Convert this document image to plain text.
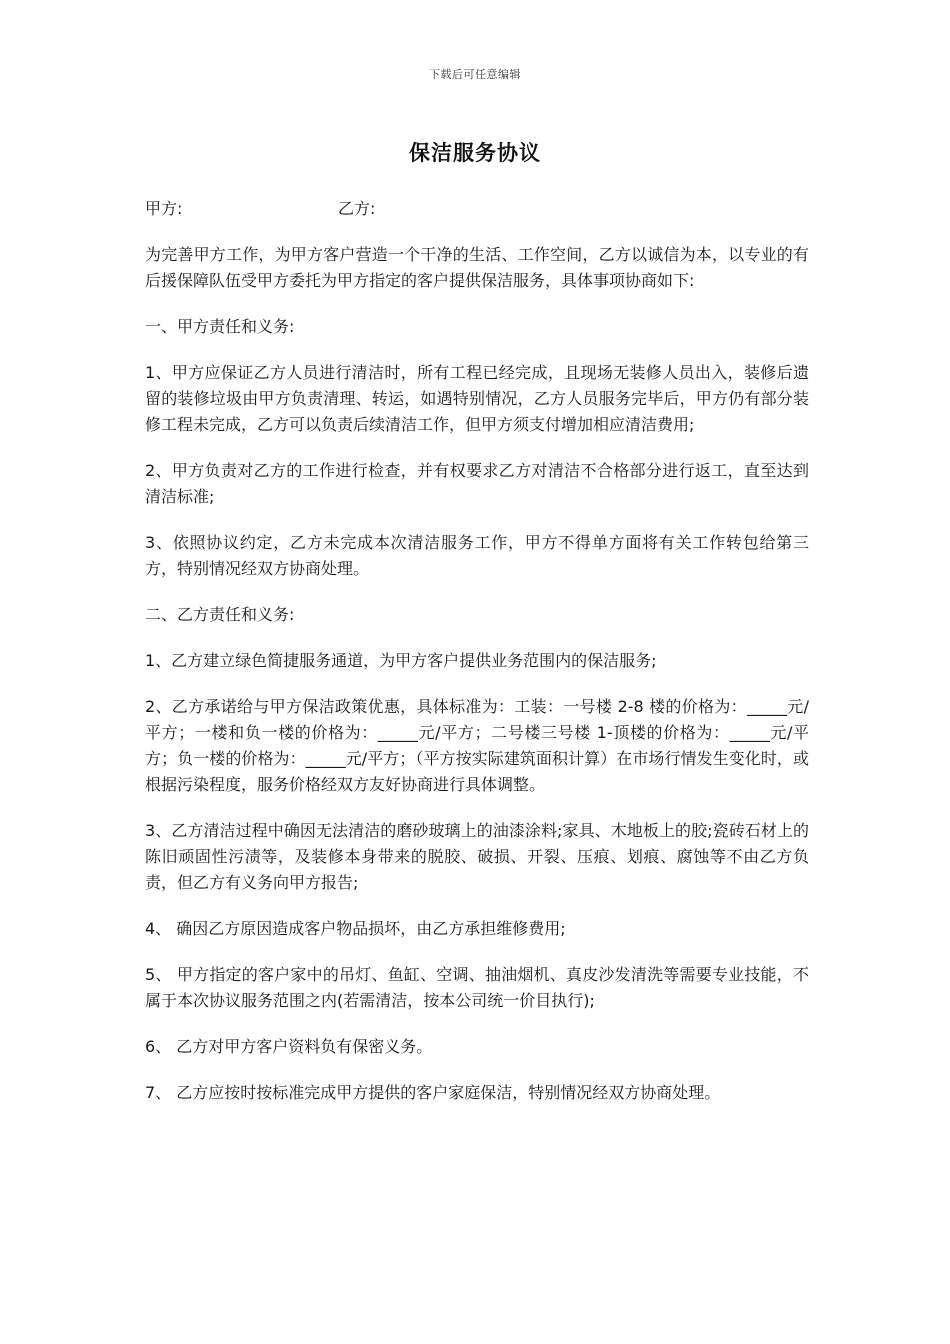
下载后可任意编辑
保洁服务协议
甲方:	乙方:

为完善甲方工作，为甲方客户营造一个干净的生活、工作空间，乙方以诚信为本，以专业的有后援保障队伍受甲方委托为甲方指定的客户提供保洁服务，具体事项协商如下:

一、甲方责任和义务:

1、甲方应保证乙方人员进行清洁时，所有工程已经完成，且现场无装修人员出入，装修后遗留的装修垃圾由甲方负责清理、转运，如遇特别情况，乙方人员服务完毕后，甲方仍有部分装修工程未完成，乙方可以负责后续清洁工作，但甲方须支付增加相应清洁费用;

2、甲方负责对乙方的工作进行检查，并有权要求乙方对清洁不合格部分进行返工，直至达到清洁标准;

3、依照协议约定，乙方未完成本次清洁服务工作，甲方不得单方面将有关工作转包给第三方，特别情况经双方协商处理。

二、乙方责任和义务:

1、乙方建立绿色简捷服务通道，为甲方客户提供业务范围内的保洁服务;

2、乙方承诺给与甲方保洁政策优惠，具体标准为：工装：一号楼 2-8 楼的价格为：_____元/平方；一楼和负一楼的价格为：_____元/平方；二号楼三号楼 1-顶楼的价格为：_____元/平方；负一楼的价格为：_____元/平方；（平方按实际建筑面积计算）在市场行情发生变化时，或根据污染程度，服务价格经双方友好协商进行具体调整。

3、乙方清洁过程中确因无法清洁的磨砂玻璃上的油漆涂料;家具、木地板上的胶;瓷砖石材上的陈旧顽固性污渍等，及装修本身带来的脱胶、破损、开裂、压痕、划痕、腐蚀等不由乙方负责，但乙方有义务向甲方报告;

4、 确因乙方原因造成客户物品损坏，由乙方承担维修费用;

5、 甲方指定的客户家中的吊灯、鱼缸、空调、抽油烟机、真皮沙发清洗等需要专业技能，不属于本次协议服务范围之内(若需清洁，按本公司统一价目执行);

6、 乙方对甲方客户资料负有保密义务。

7、 乙方应按时按标准完成甲方提供的客户家庭保洁，特别情况经双方协商处理。
